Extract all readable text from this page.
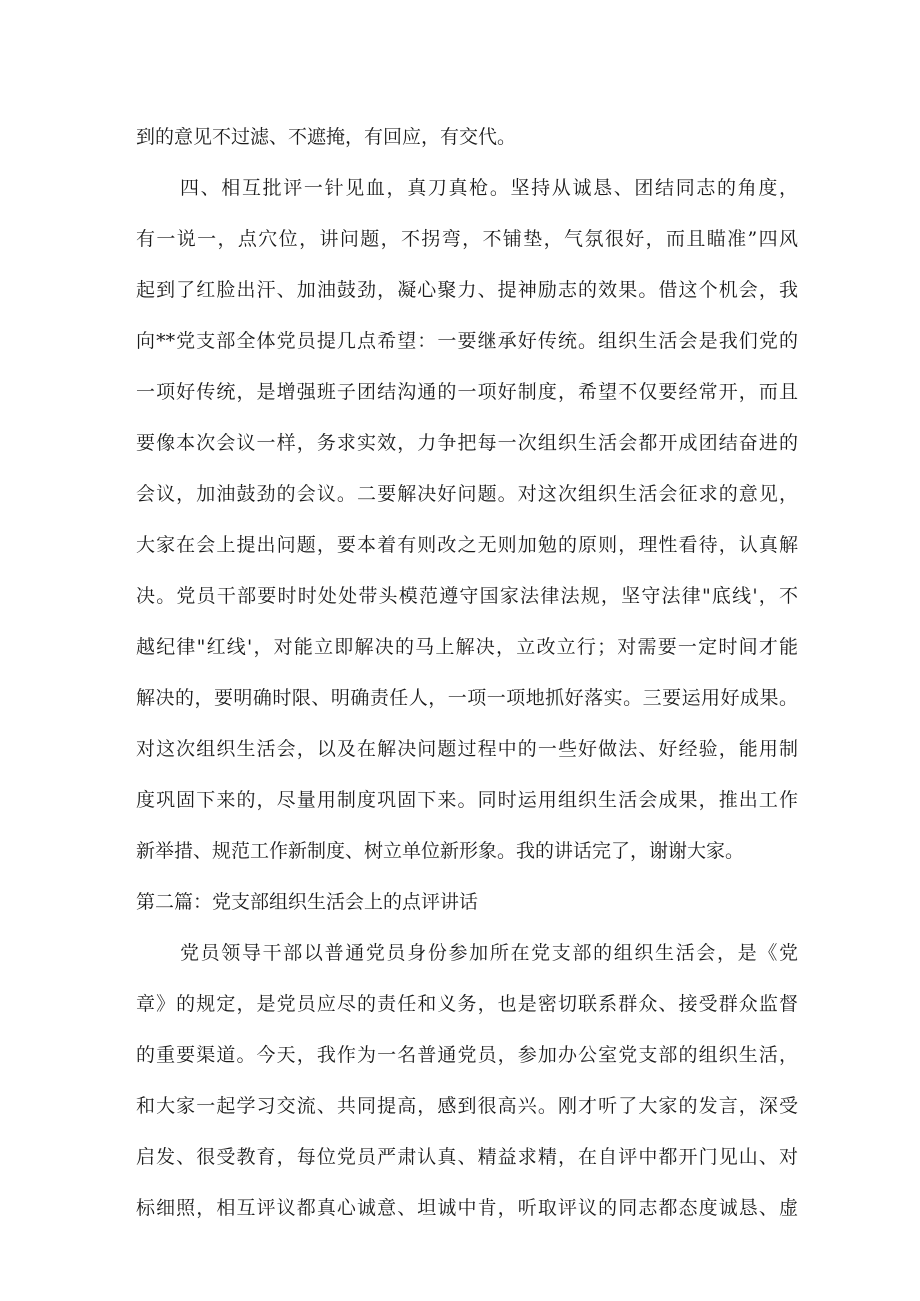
到的意见不过滤、不遮掩，有回应，有交代。
四、相互批评一针见血，真刀真枪。坚持从诚恳、团结同志的角度，
有一说一，点穴位，讲问题，不拐弯，不铺垫，气氛很好，而且瞄准”四风
起到了红脸出汗、加油鼓劲，凝心聚力、提神励志的效果。借这个机会，我
向**党支部全体党员提几点希望：一要继承好传统。组织生活会是我们党的
一项好传统，是增强班子团结沟通的一项好制度，希望不仅要经常开，而且
要像本次会议一样，务求实效，力争把每一次组织生活会都开成团结奋进的
会议，加油鼓劲的会议。二要解决好问题。对这次组织生活会征求的意见，
大家在会上提出问题，要本着有则改之无则加勉的原则，理性看待，认真解
决。党员干部要时时处处带头模范遵守国家法律法规，坚守法律"底线'，不
越纪律"红线'，对能立即解决的马上解决，立改立行；对需要一定时间才能
解决的，要明确时限、明确责任人，一项一项地抓好落实。三要运用好成果。
对这次组织生活会，以及在解决问题过程中的一些好做法、好经验，能用制
度巩固下来的，尽量用制度巩固下来。同时运用组织生活会成果，推出工作
新举措、规范工作新制度、树立单位新形象。我的讲话完了，谢谢大家。
第二篇：党支部组织生活会上的点评讲话
党员领导干部以普通党员身份参加所在党支部的组织生活会，是《党
章》的规定，是党员应尽的责任和义务，也是密切联系群众、接受群众监督
的重要渠道。今天，我作为一名普通党员，参加办公室党支部的组织生活，
和大家一起学习交流、共同提高，感到很高兴。刚才听了大家的发言，深受
启发、很受教育，每位党员严肃认真、精益求精，在自评中都开门见山、对
标细照，相互评议都真心诚意、坦诚中肯，听取评议的同志都态度诚恳、虚
